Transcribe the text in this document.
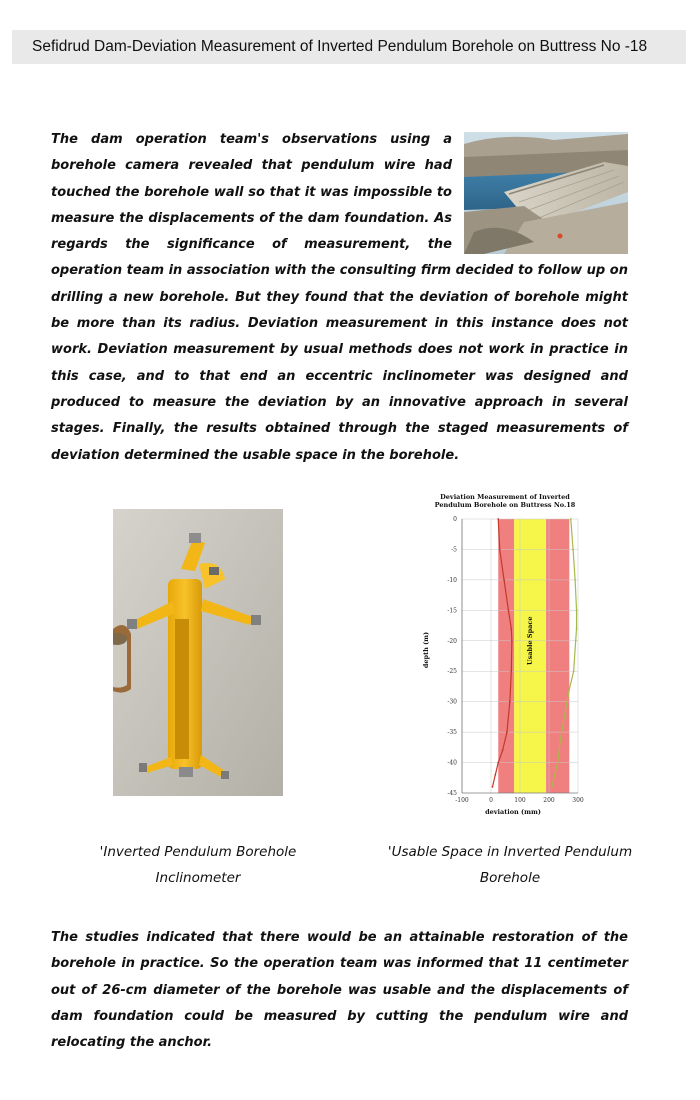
Sefidrud Dam-Deviation Measurement of Inverted Pendulum Borehole on Buttress No -18

The dam operation team's observations using a borehole camera revealed that pendulum wire had touched the borehole wall so that it was impossible to measure the displacements of the dam foundation. As regards the significance of measurement, the operation team in association with the consulting firm decided to follow up on drilling a new borehole. But they found that the deviation of borehole might be more than its radius. Deviation measurement in this instance does not work. Deviation measurement by usual methods does not work in practice in this case, and to that end an eccentric inclinometer was designed and produced to measure the deviation by an innovative approach in several stages. Finally, the results obtained through the staged measurements of deviation determined the usable space in the borehole.

Deviation Measurement of Inverted
Pendulum Borehole on Buttress No.18
0
-5
-10
-15
-20
-25
-30
-35
-40
-45
-100	0	100	200	300
Usable Space
deviation (mm)
depth (m)
'Inverted Pendulum Borehole Inclinometer
'Usable Space in Inverted Pendulum Borehole

The studies indicated that there would be an attainable restoration of the borehole in practice. So the operation team was informed that 11 centimeter out of 26-cm diameter of the borehole was usable and the displacements of dam foundation could be measured by cutting the pendulum wire and relocating the anchor.
